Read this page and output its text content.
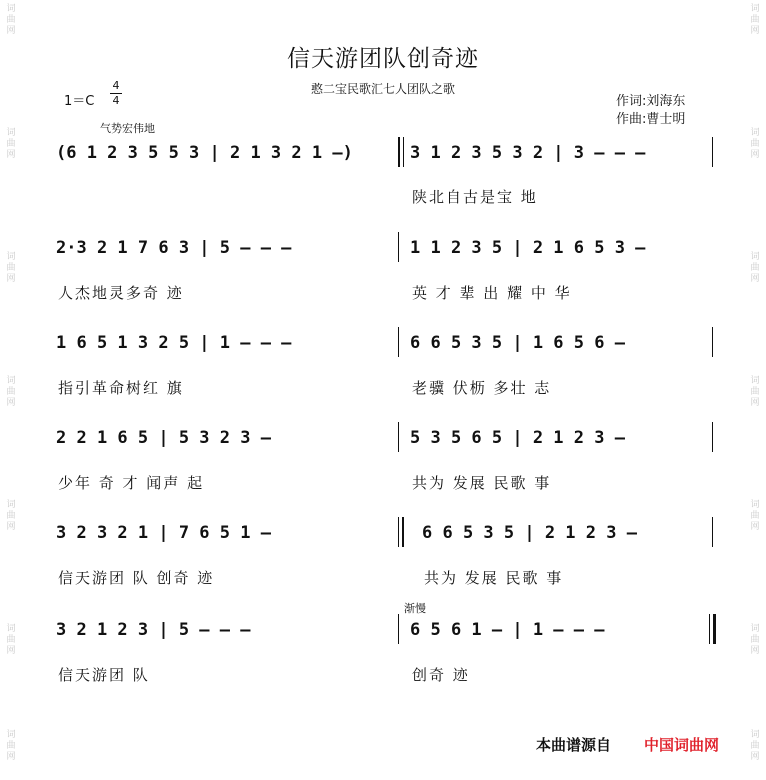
词曲网
词曲网
词曲网
词曲网
词曲网
词曲网
词曲网
词曲网
词曲网
词曲网
词曲网
词曲网
词曲网
词曲网
信天游团队创奇迹
憨二宝民歌汇七人团队之歌
作词:刘海东
作曲:曹士明
1＝C
4
4
气势宏伟地
(6 1 2 3 5 5 3 | 2 1 3 2 1 –)	3 1 2 3 5 3 2 | 3 – – –
陕北自古是宝 地
2·3 2 1 7 6 3 | 5 – – –	1 1 2 3 5 | 2 1 6 5 3 –
人杰地灵多奇 迹	英 才 辈 出 耀 中 华
1 6 5 1 3 2 5 | 1 – – –	6 6 5 3 5 | 1 6 5 6 –
指引革命树红 旗	老骥 伏枥 多壮 志
2 2 1 6 5 | 5 3 2 3 –	5 3 5 6 5 | 2 1 2 3 –
少年 奇 才 闻声 起	共为 发展 民歌 事
3 2 3 2 1 | 7 6 5 1 –	6 6 5 3 5 | 2 1 2 3 –
信天游团 队 创奇 迹	共为 发展 民歌 事
渐慢
3 2 1 2 3 | 5 – – –	6 5 6 1 – | 1 – – –
信天游团 队	创奇 迹
本曲谱源自 中国词曲网
